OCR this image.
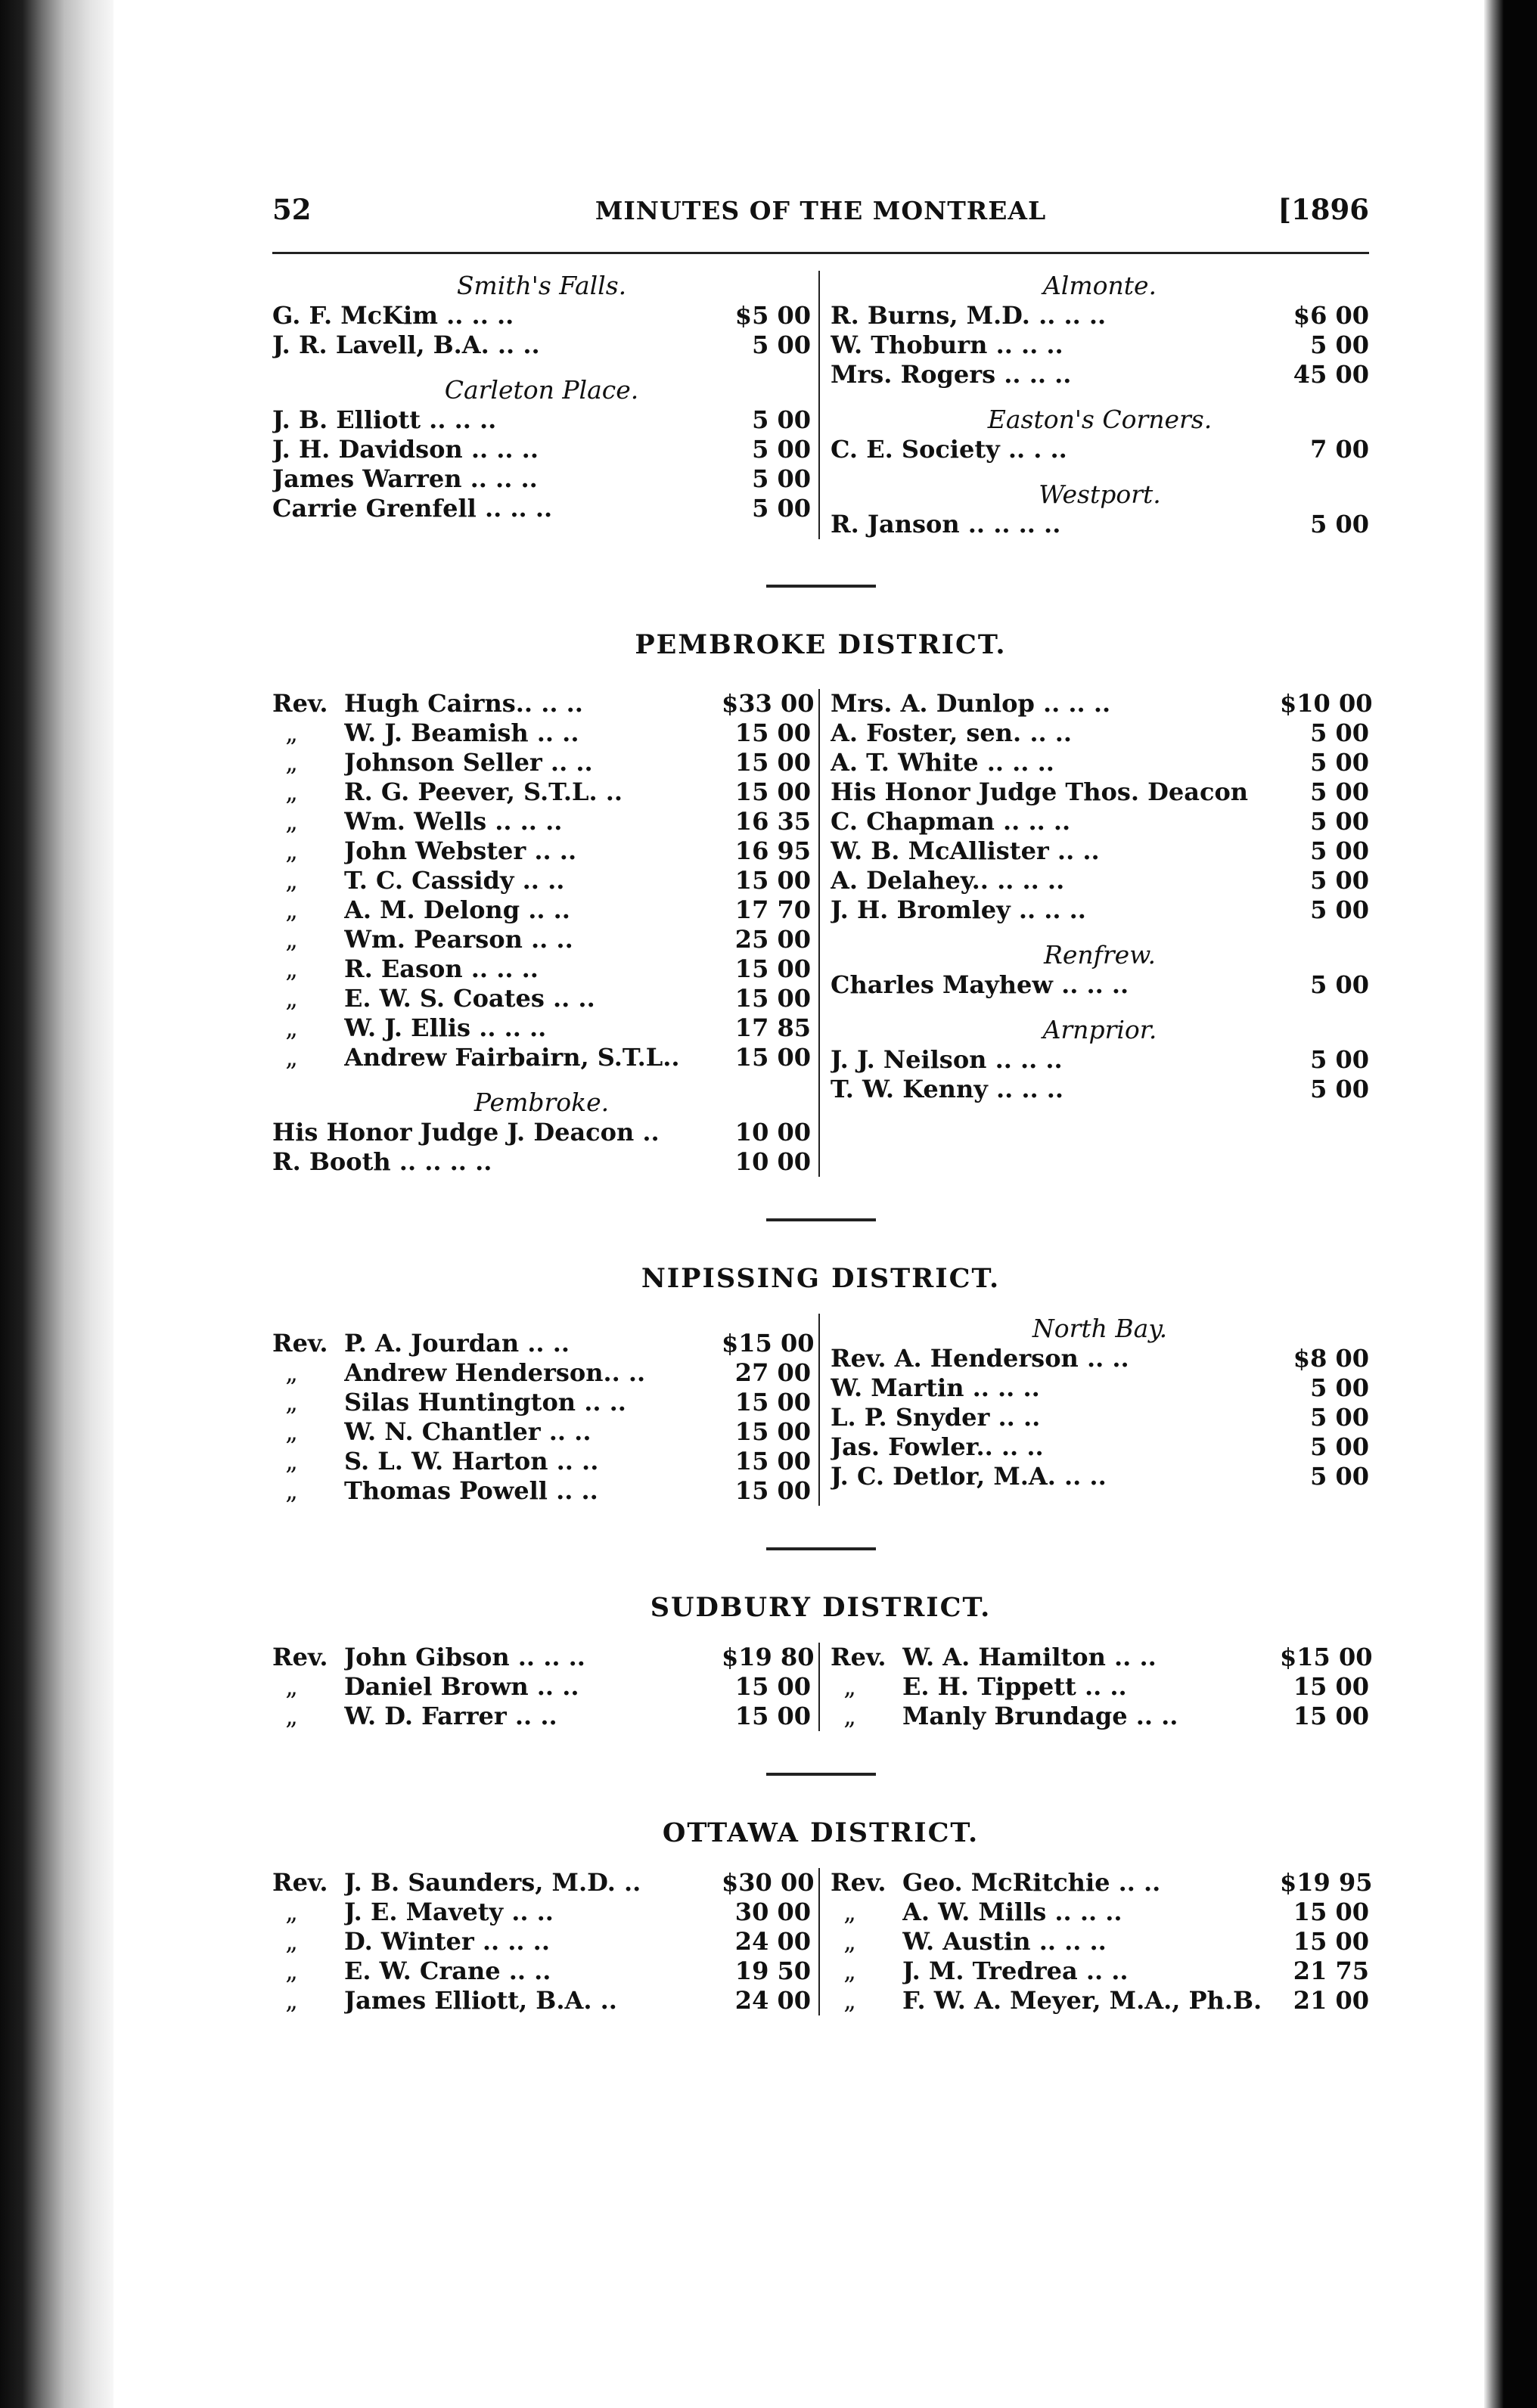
52	MINUTES OF THE MONTREAL	[1896
Smith's Falls.
G. F. McKim .. .. ..	$5 00
J. R. Lavell, B.A. .. ..	5 00
Carleton Place.
J. B. Elliott .. .. ..	5 00
J. H. Davidson .. .. ..	5 00
James Warren .. .. ..	5 00
Carrie Grenfell .. .. ..	5 00
Almonte.
R. Burns, M.D. .. .. ..	$6 00
W. Thoburn .. .. ..	5 00
Mrs. Rogers .. .. ..	45 00
Easton's Corners.
C. E. Society .. . ..	7 00
Westport.
R. Janson .. .. .. ..	5 00
PEMBROKE DISTRICT.
Rev. Hugh Cairns.. .. ..	$33 00
„	W. J. Beamish .. ..	15 00
„	Johnson Seller .. ..	15 00
„	R. G. Peever, S.T.L. ..	15 00
„	Wm. Wells .. .. ..	16 35
„	John Webster .. ..	16 95
„	T. C. Cassidy .. ..	15 00
„	A. M. Delong .. ..	17 70
„	Wm. Pearson .. ..	25 00
„	R. Eason .. .. ..	15 00
„	E. W. S. Coates .. ..	15 00
„	W. J. Ellis .. .. ..	17 85
„	Andrew Fairbairn, S.T.L..	15 00
Pembroke.
His Honor Judge J. Deacon ..	10 00
R. Booth .. .. .. ..	10 00
Mrs. A. Dunlop .. .. ..	$10 00
A. Foster, sen. .. ..	5 00
A. T. White .. .. ..	5 00
His Honor Judge Thos. Deacon	5 00
C. Chapman .. .. ..	5 00
W. B. McAllister .. ..	5 00
A. Delahey.. .. .. ..	5 00
J. H. Bromley .. .. ..	5 00
Renfrew.
Charles Mayhew .. .. ..	5 00
Arnprior.
J. J. Neilson .. .. ..	5 00
T. W. Kenny .. .. ..	5 00
NIPISSING DISTRICT.
Rev. P. A. Jourdan .. ..	$15 00
„	Andrew Henderson.. ..	27 00
„	Silas Huntington .. ..	15 00
„	W. N. Chantler .. ..	15 00
„	S. L. W. Harton .. ..	15 00
„	Thomas Powell .. ..	15 00
North Bay.
Rev. A. Henderson .. ..	$8 00
W. Martin .. .. ..	5 00
L. P. Snyder .. ..	5 00
Jas. Fowler.. .. ..	5 00
J. C. Detlor, M.A. .. ..	5 00
SUDBURY DISTRICT.
Rev. John Gibson .. .. ..	$19 80
„	Daniel Brown .. ..	15 00
„	W. D. Farrer .. ..	15 00
Rev. W. A. Hamilton .. ..	$15 00
„	E. H. Tippett .. ..	15 00
„	Manly Brundage .. ..	15 00
OTTAWA DISTRICT.
Rev. J. B. Saunders, M.D. ..	$30 00
„	J. E. Mavety .. ..	30 00
„	D. Winter .. .. ..	24 00
„	E. W. Crane .. ..	19 50
„	James Elliott, B.A. ..	24 00
Rev. Geo. McRitchie .. ..	$19 95
„	A. W. Mills .. .. ..	15 00
„	W. Austin .. .. ..	15 00
„	J. M. Tredrea .. ..	21 75
„	F. W. A. Meyer, M.A., Ph.B.	21 00
